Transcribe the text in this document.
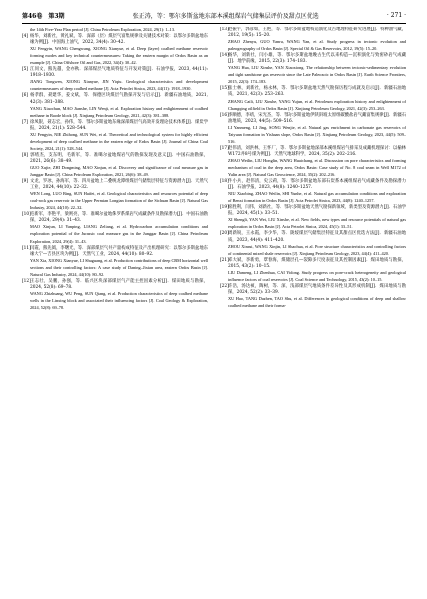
第46卷　第3期	张正涛，等：鄂尔多斯盆地东部本溪组煤岩气储集层评价及甜点区优选	· 271 ·

the 14th Five-Year Plan period [J]. China Petroleum Exploration, 2024, 29(1): 1–13.

[4] 杨华，刘新社，黄礼斌，等．深部（层）煤层气富集规律及关键技术对策：以鄂尔多斯盆地东缘为例[J]．中国海上油气，2022, 34(4): 30–42.

XU Fengyin, WANG Chengwang, XIONG Xianyue, et al. Deep (layer) coalbed methane reservoir forming modes and key technical countermeasures: Taking the eastern margin of Ordos Basin as an example [J]. China Offshore Oil and Gas, 2022, 34(4): 30–42.

[5] 江同文，熊先越，金亦秋．深部煤层气地质特征与开发对策[J]．石油学报，2023, 44(11): 1918–1930.

JIANG Tongwen, XIONG Xianyue, JIN Yiqiu. Geological characteristics and development countermeasures of deep coalbed methane [J]. Acta Petrolei Sinica, 2023, 44(11): 1918–1930.

[6] 杨孝群，聂建华，姜文斌，等．保德区块煤层气勘探开发与启示[J]．新疆石油地质，2021, 42(3): 381–388.

YANG Xiaochun, MAO Jianshe, LIN Wenji, et al. Exploration history and enlightenment of coalbed methane in Baode block [J]. Xinjiang Petroleum Geology, 2021, 42(3): 381–388.

[7] 徐凤银，聂志宏，孙伟，等．鄂尔多斯盆地东缘深部煤层气高效开发理论技术体系[J]．煤炭学报，2024, 21(1): 528–544.

XU Fengyin, NIE Zhihong, SUN Wei, et al. Theoretical and technological system for highly efficient development of deep coalbed methane in the eastern edge of Erdos Basin [J]. Journal of China Coal Society, 2024, 21(1): 528–544.

[8] 郭绪杰，支东明，毛新军，等．准噶尔盆地煤岩气的勘探发现及意义[J]．中国石油勘探，2021, 26(6): 38–49.

GUO Xujie, ZHI Dongming, MAO Xinjun, et al. Discovery and significance of coal measure gas in Junggar Basin [J]. China Petroleum Exploration, 2021, 26(6): 38–49.

[9] 文龙，罗冰，孙海军，等．四川盆地上二叠统龙潭组煤层气储集层特征与资源潜力[J]．天然气工业，2024, 44(10): 22–32.

WEN Long, LUO Bing, SUN Haifei, et al. Geological characteristics and resources potential of deep coal-rock gas reservoir in the Upper Permian Longtan formation of the Sichuan Basin [J]. Natural Gas Industry, 2024, 44(10): 22–32.

[10]毛新军，李艳平，梁则亮，等．准噶尔盆地侏罗系煤岩气成藏条件及勘探潜力[J]．中国石油勘探，2024, 29(4): 31–43.

MAO Xinjun, LI Yanping, LIANG Zeliang, et al. Hydrocarbon accumulation conditions and exploration potential of the Jurassic coal measure gas in the Junggar Basin [J]. China Petroleum Exploration, 2024, 29(4): 31–43.

[11]闫霞，熊先钺，李曙光，等．深部煤层气井产量构成特征及产出机理研究：以鄂尔多斯盆地东缘大宁—吉县区块为例[J]．天然气工业，2024, 44(10): 80–92.

YAN Xia, XIONG Xianyue, LI Shuguang, et al. Production contributions of deep CBM horizontal well sections and their controlling factors: A case study of Daning–Jixian area, eastern Ordos Basin [J]. Natural Gas Industry, 2024, 44(10): 80–92.

[12]王志壮，吴鹏，孙强，等．临兴区块深部煤层气产能主控因素分析[J]．煤田地质与勘探，2024, 52(8): 69–78.

WANG Zhizhuang, WU Peng, SUN Qiang, et al. Production characteristics of deep coalbed methane wells in the Linxing block and associated their influencing factors [J]. Coal Geology & Exploration, 2024, 52(8): 69–78.

[13]赵振宇，郭彦如，王艳，等．鄂尔多斯盆地构造演化及古地理特征研究进展[J]．特种油气藏，2012, 19(5): 15–20.

ZHAO Zhenyu, GUO Yanru, WANG Yan, et al. Study progress in tectonic evolution and paleogeography of Ordos Basin [J]. Special Oil & Gas Reservoirs, 2012, 19(5): 15–20.

[14]杨华，刘新社，闫小雄，等．鄂尔多斯盆地晚古生代以来构造—沉积演化与致密砂岩气成藏[J]．地学前缘，2015, 22(3): 174–183.

YANG Hua, LIU Xinshe, YAN Xiaoxiong. The relationship between tectonic-sedimentary evolution and tight sandstone gas reservoir since the Late Paleozoic in Ordos Basin [J]. Earth Science Frontiers, 2015, 22(3): 174–183.

[15]张士林，刘新社，杨永林，等．鄂尔多斯盆地天然气勘探历程与成就及启示[J]．新疆石油地质，2021, 42(3): 253–263.

ZHANG Caili, LIU Xinshe, YANG Yujun, et al. Petroleum exploration history and enlightenment of Changqing oilfield in Ordos Basin [J]. Xinjiang Petroleum Geology, 2021, 42(3): 253–263.

[16]李顺德，李靖，宋光杰，等．鄂尔多斯盆地伊陕斜坡太原组碳酸盐岩气藏富集规律[J]．新疆石油地质，2023, 44(5): 509–516.

LI Yanmeng, LI Jing, SONG Wenjie, et al. Natural gas enrichment in carbonate gas reservoirs of Taiyuan formation in Yishaan slope, Ordos Basin [J]. Xinjiang Petroleum Geology, 2023, 44(5): 509–516.

[17]赵伟清，刘洪林，王怀厂，等．鄂尔多斯盆地深部本溪组煤岩气排采及成藏机理探讨：以榆林W172井8号煤为例[J]．天然气地球科学，2024, 35(2): 202–216.

ZHAO Weilin, LIU Honglin, WANG Huaichang, et al. Discussion on pore characteristics and forming mechanism of coal in the deep area, Ordos Basin: Case study of No. 8 coal seam in Well M172 of Yulin area [J]. Natural Gas Geoscience, 2024, 35(2): 202–216.

[18]牛小兵，赵伟清，史云莉，等．鄂尔多斯盆地东部石炭系本溪组煤岩气成藏条件及勘探潜力[J]．石油学报，2023, 44(8): 1240–1257.

NIU Xiaobing, ZHAO Weilin, SHI Yunhe, et al. Natural gas accumulation conditions and exploration of Benxi formation in Ordos Basin [J]. Acta Petrolei Sinica, 2023, 44(8): 1240–1257.

[19]席胜利，闫伟，刘新社，等．鄂尔多斯盆地天然气勘探新领域、新类型及资源潜力[J]．石油学报，2024, 45(1): 33–51.

XI Shengli, YAN Wei, LIU Xinshe, et al. New fields, new types and resource potentials of natural gas exploration in Ordos Basin [J]. Acta Petrolei Sinica, 2024, 45(1): 33–51.

[20]周新锐，王永霞，李少华，等．陇绥煤层气储集层特征及其甜点区优选方法[J]．新疆石油地质，2023, 44(4): 411–420.

ZHOU Xinrui, WANG Xinjin, LI Shaohua, et al. Pore structure characteristics and controlling factors of continental mixed shale reservoirs [J]. Xinjiang Petroleum Geology, 2023, 44(4): 411–420.

[21]邓大斌，李新勇，覃春海，煤储层孔—裂隙多尺度表征及其控制因素[J]．煤田地质与勘探，2015, 43(2): 10–15.

LIU Dameng, LI Zhenhua, CAI Yidong. Study progress on pore-crack heterogeneity and geological influence factors of coal reservoirs [J]. Coal Science and Technology, 2015, 43(2): 10–15.

[22]许浩，汤达祯，陶树，等．深、浅部煤层气地质条件差异性及其形成机制[J]．煤田地质与勘探，2024, 52(2): 33–39.

XU Hao, TANG Dazhen, TAO Shu, et al. Differences in geological conditions of deep and shallow coalbed methane and their forma-
